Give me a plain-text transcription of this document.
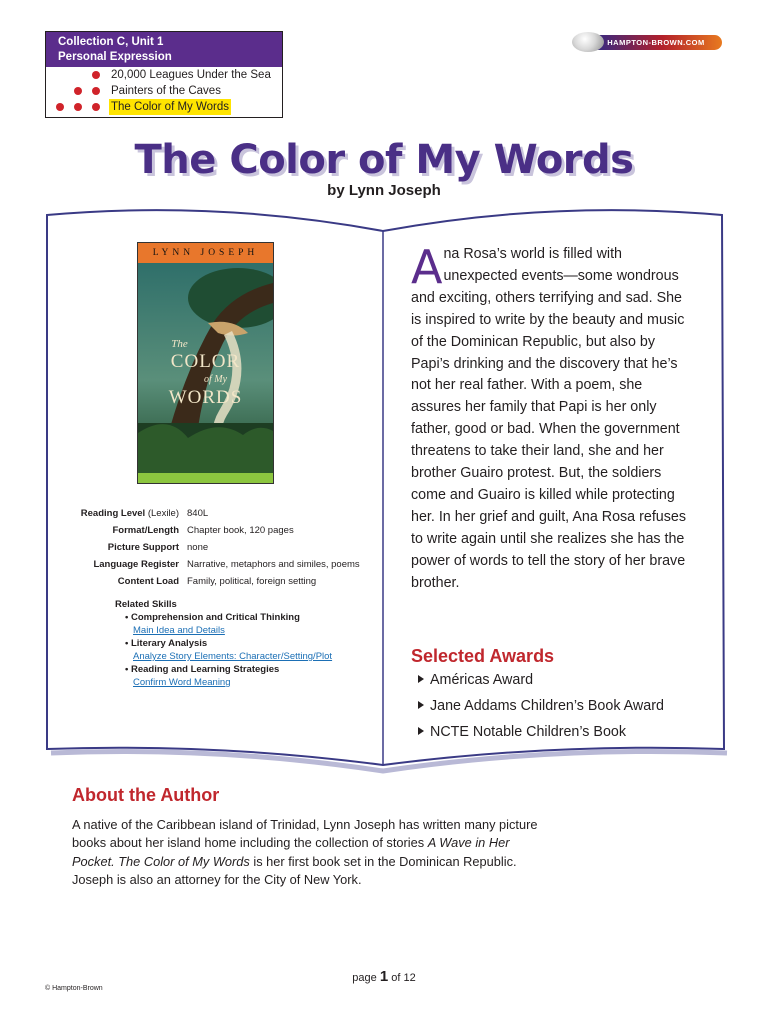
Collection C, Unit 1
Personal Expression
20,000 Leagues Under the Sea
Painters of the Caves
The Color of My Words
HAMPTON-BROWN.COM
The Color of My Words
by Lynn Joseph
LYNN JOSEPH
The
COLOR
of My
WORDS
Reading Level (Lexile) 840L
Format/Length Chapter book, 120 pages
Picture Support none
Language Register Narrative, metaphors and similes, poems
Content Load Family, political, foreign setting
Related Skills
• Comprehension and Critical Thinking
Main Idea and Details
• Literary Analysis
Analyze Story Elements: Character/Setting/Plot
• Reading and Learning Strategies
Confirm Word Meaning
Ana Rosa’s world is filled with unexpected events—some wondrous and exciting, others terrifying and sad. She is inspired to write by the beauty and music of the Dominican Republic, but also by Papi’s drinking and the discovery that he’s not her real father. With a poem, she assures her family that Papi is her only father, good or bad. When the government threatens to take their land, she and her brother Guairo protest. But, the soldiers come and Guairo is killed while protecting her. In her grief and guilt, Ana Rosa refuses to write again until she realizes she has the power of words to tell the story of her brave brother.
Selected Awards
Américas Award
Jane Addams Children’s Book Award
NCTE Notable Children’s Book
About the Author
A native of the Caribbean island of Trinidad, Lynn Joseph has written many picture books about her island home including the collection of stories A Wave in Her Pocket. The Color of My Words is her first book set in the Dominican Republic. Joseph is also an attorney for the City of New York.
page 1 of 12
© Hampton-Brown
